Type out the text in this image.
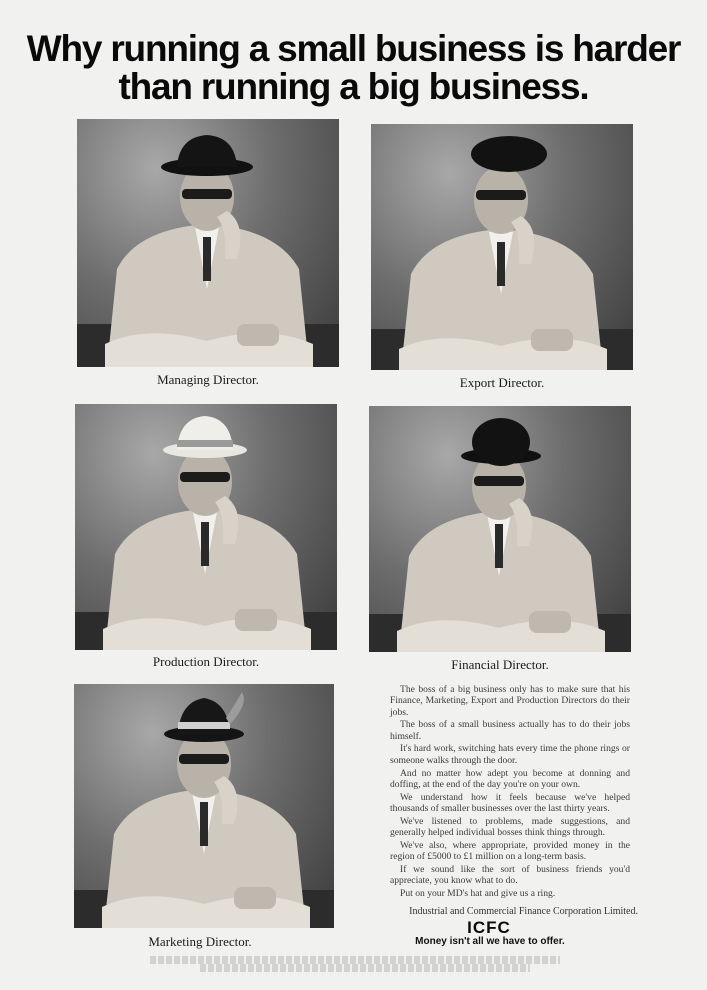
Why running a small business is harder
than running a big business.
Managing Director.	Export Director.
Production Director.	Financial Director.
Marketing Director.

The boss of a big business only has to make sure that his Finance, Marketing, Export and Production Directors do their jobs.

The boss of a small business actually has to do their jobs himself.

It's hard work, switching hats every time the phone rings or someone walks through the door.

And no matter how adept you become at donning and doffing, at the end of the day you're on your own.

We understand how it feels because we've helped thousands of smaller businesses over the last thirty years.

We've listened to problems, made suggestions, and generally helped individual bosses think things through.

We've also, where appropriate, provided money in the region of £5000 to £1 million on a long-term basis.

If we sound like the sort of business friends you'd appreciate, you know what to do.

Put on your MD's hat and give us a ring.

Industrial and Commercial Finance Corporation Limited.
ICFC
Money isn't all we have to offer.
